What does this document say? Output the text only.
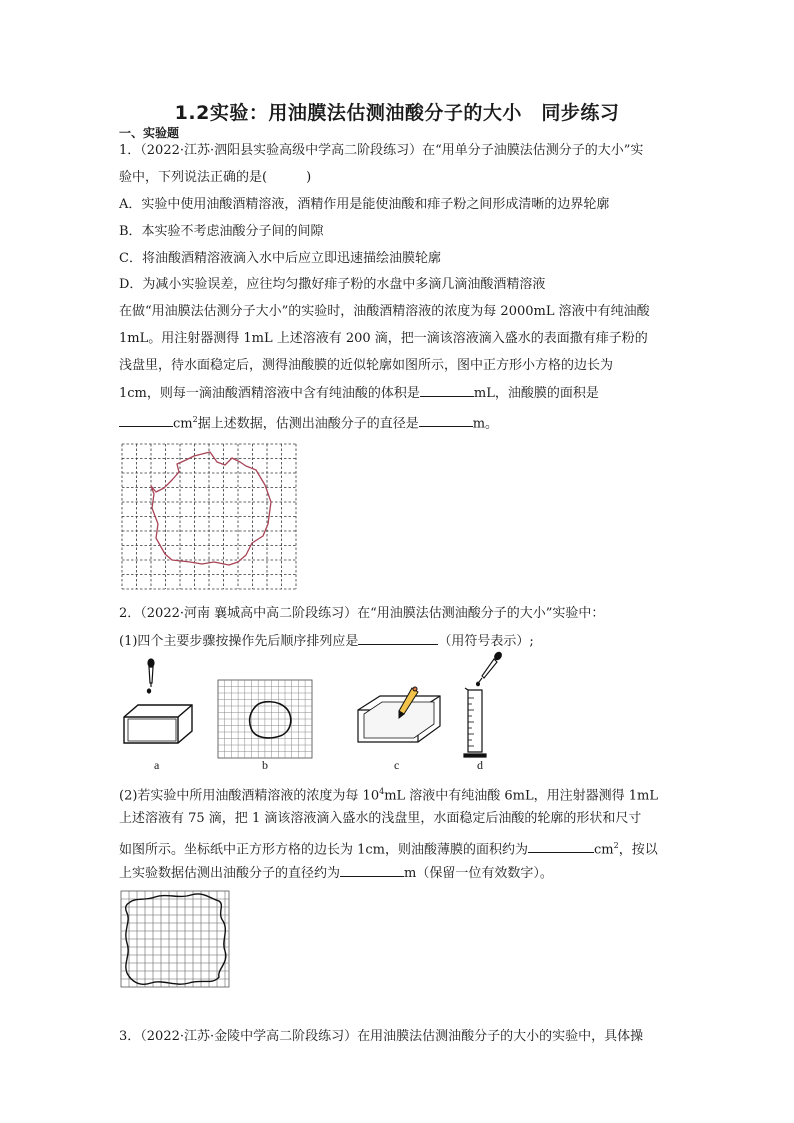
1.2实验：用油膜法估测油酸分子的大小　同步练习
一、实验题
1．（2022·江苏·泗阳县实验高级中学高二阶段练习）在“用单分子油膜法估测分子的大小”实
验中，下列说法正确的是(　　　)
A．实验中使用油酸酒精溶液，酒精作用是能使油酸和痱子粉之间形成清晰的边界轮廓
B．本实验不考虑油酸分子间的间隙
C．将油酸酒精溶液滴入水中后应立即迅速描绘油膜轮廓
D．为减小实验误差，应往均匀撒好痱子粉的水盘中多滴几滴油酸酒精溶液
在做“用油膜法估测分子大小”的实验时，油酸酒精溶液的浓度为每 2000mL 溶液中有纯油酸
1mL。用注射器测得 1mL 上述溶液有 200 滴，把一滴该溶液滴入盛水的表面撒有痱子粉的
浅盘里，待水面稳定后，测得油酸膜的近似轮廓如图所示，图中正方形小方格的边长为
1cm，则每一滴油酸酒精溶液中含有纯油酸的体积是	mL，油酸膜的面积是
$cm^2$据上述数据，估测出油酸分子的直径是	m。
2．（2022·河南 襄城高中高二阶段练习）在“用油膜法估测油酸分子的大小”实验中：
(1)四个主要步骤按操作先后顺序排列应是	（用符号表示）;
a	b	c	d
(2)若实验中所用油酸酒精溶液的浓度为每 $10^4mL$ 溶液中有纯油酸 6mL，用注射器测得 1mL
上述溶液有 75 滴，把 1 滴该溶液滴入盛水的浅盘里，水面稳定后油酸的轮廓的形状和尺寸
如图所示。坐标纸中正方形方格的边长为 1cm，则油酸薄膜的面积约为	$cm^2$，按以
上实验数据估测出油酸分子的直径约为	m（保留一位有效数字）。
3．（2022·江苏·金陵中学高二阶段练习）在用油膜法估测油酸分子的大小的实验中，具体操
